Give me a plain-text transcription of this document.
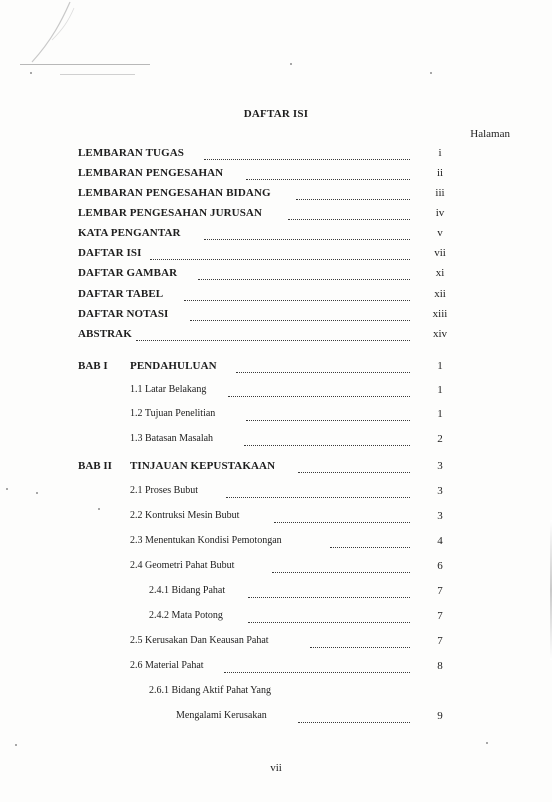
DAFTAR ISI
Halaman
LEMBARAN TUGAS	i
LEMBARAN PENGESAHAN	ii
LEMBARAN PENGESAHAN BIDANG	iii
LEMBAR PENGESAHAN JURUSAN	iv
KATA PENGANTAR	v
DAFTAR ISI	vii
DAFTAR GAMBAR	xi
DAFTAR TABEL	xii
DAFTAR NOTASI	xiii
ABSTRAK	xiv
BAB I PENDAHULUAN	1
1.1 Latar Belakang	1
1.2 Tujuan Penelitian	1
1.3 Batasan Masalah	2
BAB II TINJAUAN KEPUSTAKAAN	3
2.1 Proses Bubut	3
2.2 Kontruksi Mesin Bubut	3
2.3 Menentukan Kondisi Pemotongan	4
2.4 Geometri Pahat Bubut	6
2.4.1 Bidang Pahat	7
2.4.2 Mata Potong	7
2.5 Kerusakan Dan Keausan Pahat	7
2.6 Material Pahat	8
2.6.1 Bidang Aktif Pahat Yang
Mengalami Kerusakan	9
vii
